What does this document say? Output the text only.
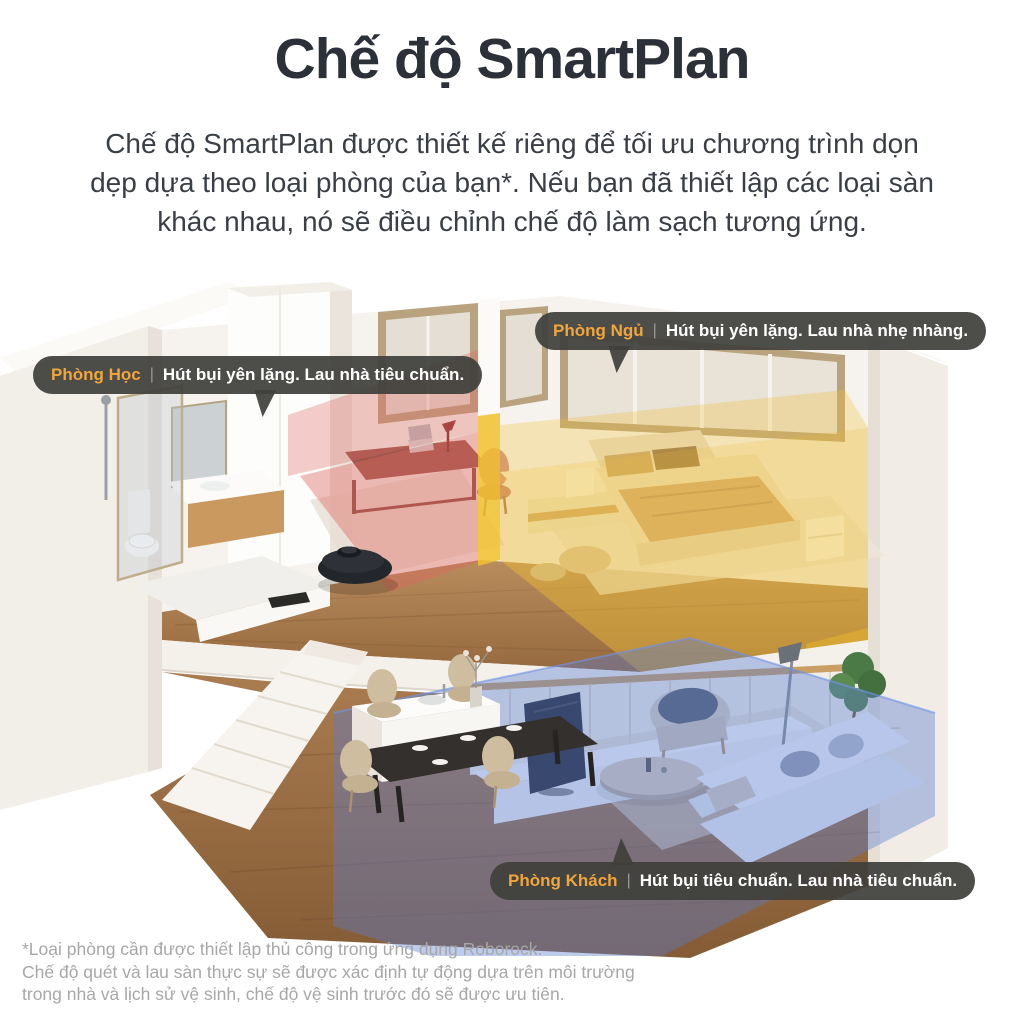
Chế độ SmartPlan
Chế độ SmartPlan được thiết kế riêng để tối ưu chương trình dọn
dẹp dựa theo loại phòng của bạn*. Nếu bạn đã thiết lập các loại sàn
khác nhau, nó sẽ điều chỉnh chế độ làm sạch tương ứng.
Phòng Học | Hút bụi yên lặng. Lau nhà tiêu chuẩn.
Phòng Ngủ | Hút bụi yên lặng. Lau nhà nhẹ nhàng.
Phòng Khách | Hút bụi tiêu chuẩn. Lau nhà tiêu chuẩn.
*Loại phòng cần được thiết lập thủ công trong ứng dụng Roborock.
Chế độ quét và lau sàn thực sự sẽ được xác định tự động dựa trên môi trường
trong nhà và lịch sử vệ sinh, chế độ vệ sinh trước đó sẽ được ưu tiên.
